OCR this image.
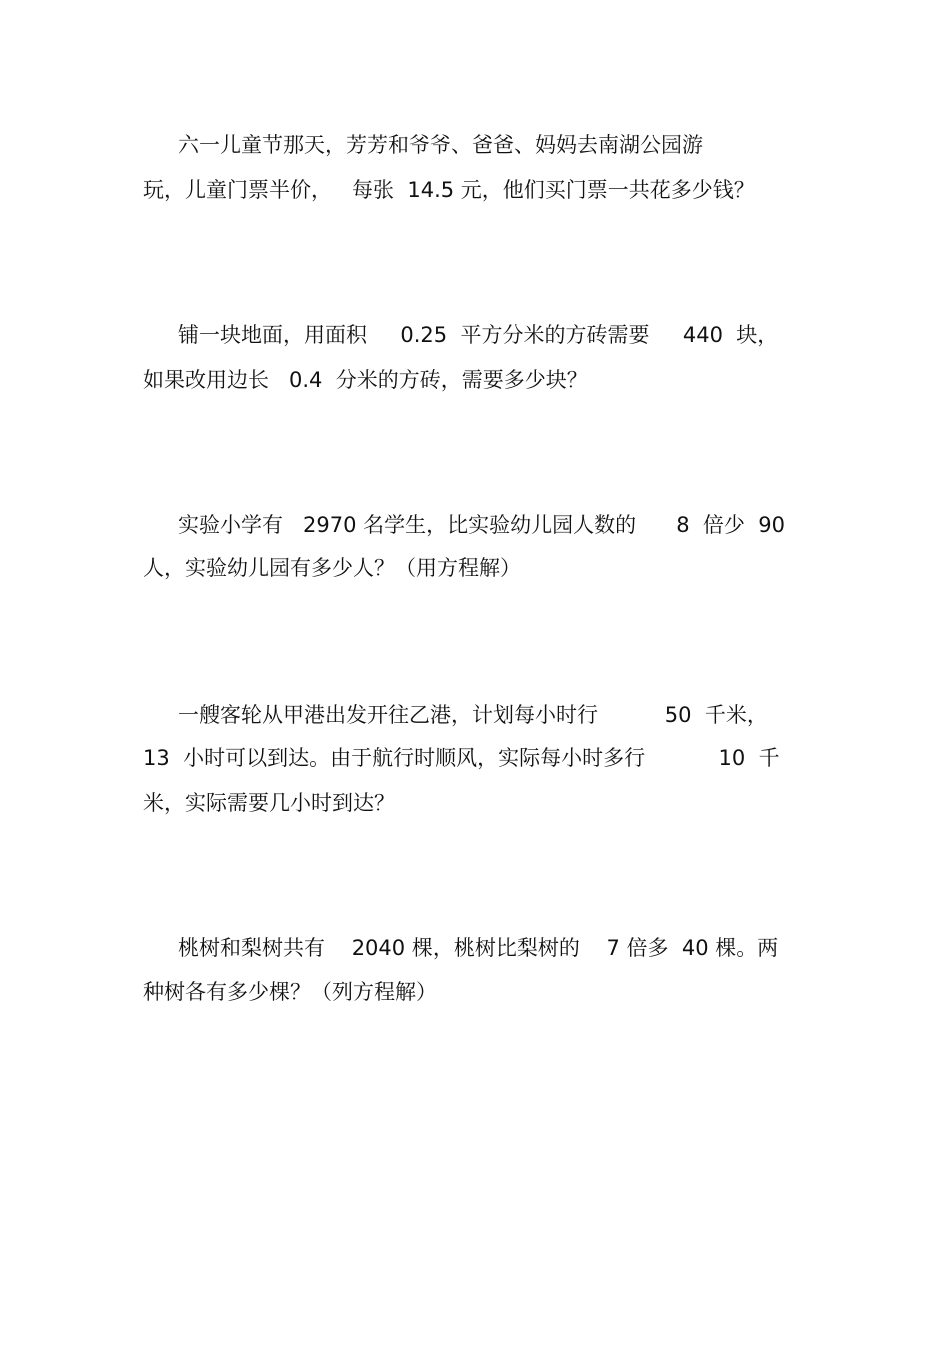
六一儿童节那天，芳芳和爷爷、爸爸、妈妈去南湖公园游
玩，儿童门票半价，   每张  14.5 元，他们买门票一共花多少钱？
铺一块地面，用面积     0.25  平方分米的方砖需要     440  块，
如果改用边长   0.4  分米的方砖，需要多少块？
实验小学有   2970 名学生，比实验幼儿园人数的      8  倍少  90
人，实验幼儿园有多少人？（用方程解）
一艘客轮从甲港出发开往乙港，计划每小时行          50  千米，
13  小时可以到达。由于航行时顺风，实际每小时多行           10  千
米，实际需要几小时到达？
桃树和梨树共有    2040 棵，桃树比梨树的    7 倍多  40 棵。两
种树各有多少棵？（列方程解）
